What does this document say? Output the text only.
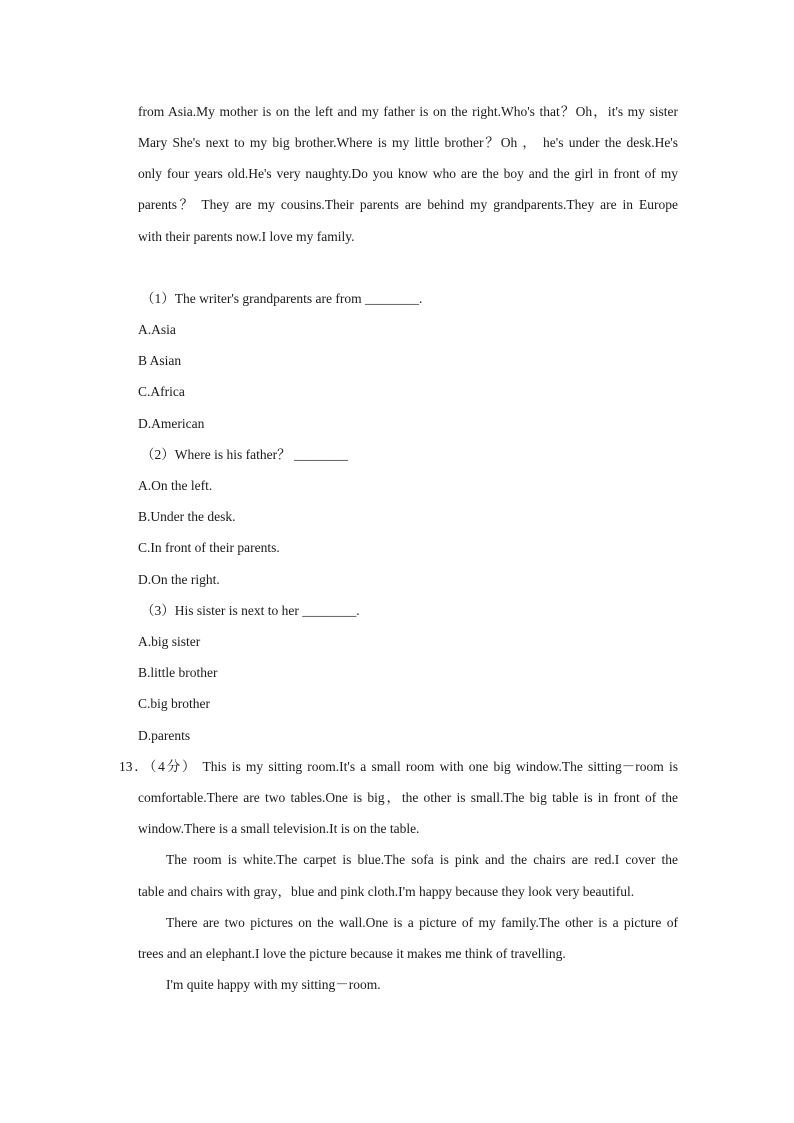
from Asia.My mother is on the left and my father is on the right.Who's that？Oh，it's my sister
Mary She's next to my big brother.Where is my little brother？Oh ， he's under the desk.He's
only four years old.He's very naughty.Do you know who are the boy and the girl in front of my
parents？ They are my cousins.Their parents are behind my grandparents.They are in Europe
with their parents now.I love my family.
（1）The writer's grandparents are from ________.
A.Asia
B Asian
C.Africa
D.American
（2）Where is his father？ ________
A.On the left.
B.Under the desk.
C.In front of their parents.
D.On the right.
（3）His sister is next to her ________.
A.big sister
B.little brother
C.big brother
D.parents
13．（4分） This is my sitting room.It's a small room with one big window.The sitting－room is
comfortable.There are two tables.One is big，the other is small.The big table is in front of the
window.There is a small television.It is on the table.
The room is white.The carpet is blue.The sofa is pink and the chairs are red.I cover the
table and chairs with gray，blue and pink cloth.I'm happy because they look very beautiful.
There are two pictures on the wall.One is a picture of my family.The other is a picture of
trees and an elephant.I love the picture because it makes me think of travelling.
I'm quite happy with my sitting－room.
